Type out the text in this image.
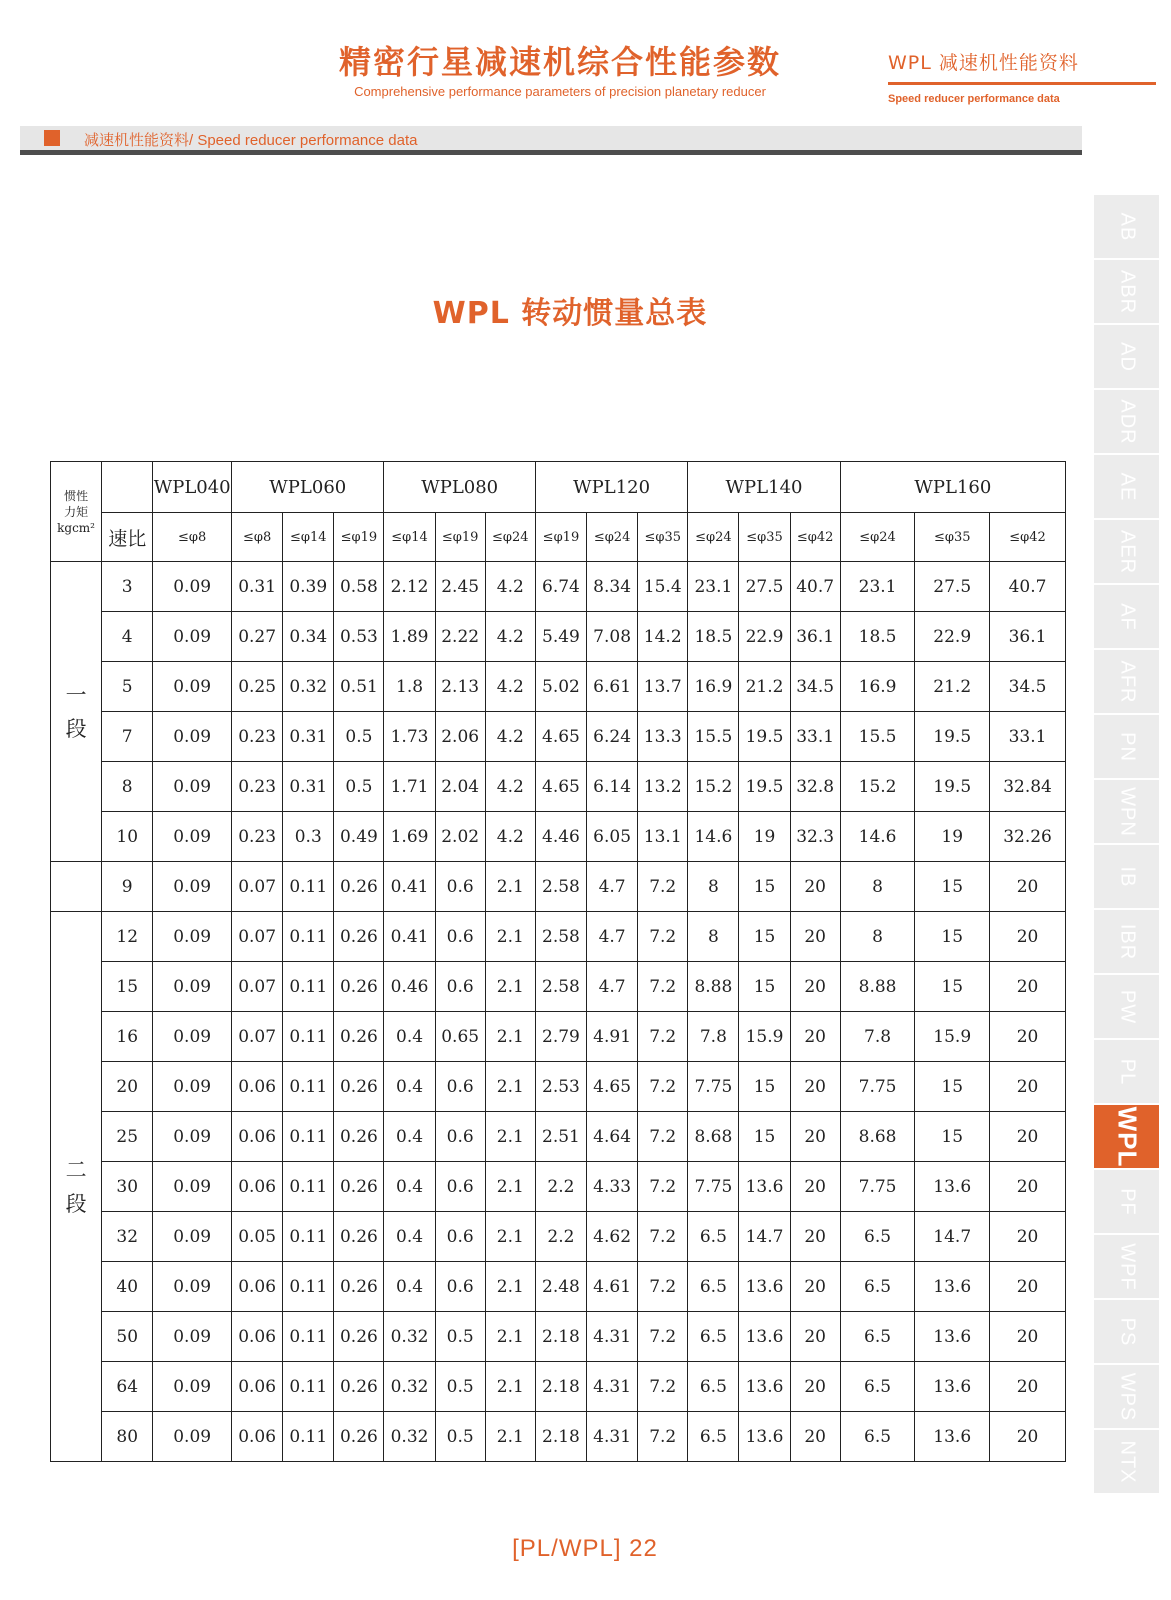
精密行星减速机综合性能参数
Comprehensive performance parameters of precision planetary reducer
WPL 减速机性能资料
Speed reducer performance data
减速机性能资料/ Speed reducer performance data
WPL 转动惯量总表
AB
ABR
AD
ADR
AE
AER
AF
AFR
PN
WPN
IB
IBR
PW
PL
WPL
PF
WPF
PS
WPS
NTX
惯性
力矩
kgcm²		WPL040	WPL060			WPL080			WPL120			WPL140			WPL160		
	速比	≤φ8	≤φ8	≤φ14	≤φ19	≤φ14	≤φ19	≤φ24	≤φ19	≤φ24	≤φ35	≤φ24	≤φ35	≤φ42	≤φ24	≤φ35	≤φ42

一
段	3	0.09	0.31	0.39	0.58	2.12	2.45	4.2	6.74	8.34	15.4	23.1	27.5	40.7	23.1	27.5	40.7
	4	0.09	0.27	0.34	0.53	1.89	2.22	4.2	5.49	7.08	14.2	18.5	22.9	36.1	18.5	22.9	36.1
	5	0.09	0.25	0.32	0.51	1.8	2.13	4.2	5.02	6.61	13.7	16.9	21.2	34.5	16.9	21.2	34.5
	7	0.09	0.23	0.31	0.5	1.73	2.06	4.2	4.65	6.24	13.3	15.5	19.5	33.1	15.5	19.5	33.1
	8	0.09	0.23	0.31	0.5	1.71	2.04	4.2	4.65	6.14	13.2	15.2	19.5	32.8	15.2	19.5	32.84
	10	0.09	0.23	0.3	0.49	1.69	2.02	4.2	4.46	6.05	13.1	14.6	19	32.3	14.6	19	32.26
	9	0.09	0.07	0.11	0.26	0.41	0.6	2.1	2.58	4.7	7.2	8	15	20	8	15	20

二
段	12	0.09	0.07	0.11	0.26	0.41	0.6	2.1	2.58	4.7	7.2	8	15	20	8	15	20
	15	0.09	0.07	0.11	0.26	0.46	0.6	2.1	2.58	4.7	7.2	8.88	15	20	8.88	15	20
	16	0.09	0.07	0.11	0.26	0.4	0.65	2.1	2.79	4.91	7.2	7.8	15.9	20	7.8	15.9	20
	20	0.09	0.06	0.11	0.26	0.4	0.6	2.1	2.53	4.65	7.2	7.75	15	20	7.75	15	20
	25	0.09	0.06	0.11	0.26	0.4	0.6	2.1	2.51	4.64	7.2	8.68	15	20	8.68	15	20
	30	0.09	0.06	0.11	0.26	0.4	0.6	2.1	2.2	4.33	7.2	7.75	13.6	20	7.75	13.6	20
	32	0.09	0.05	0.11	0.26	0.4	0.6	2.1	2.2	4.62	7.2	6.5	14.7	20	6.5	14.7	20
	40	0.09	0.06	0.11	0.26	0.4	0.6	2.1	2.48	4.61	7.2	6.5	13.6	20	6.5	13.6	20
	50	0.09	0.06	0.11	0.26	0.32	0.5	2.1	2.18	4.31	7.2	6.5	13.6	20	6.5	13.6	20
	64	0.09	0.06	0.11	0.26	0.32	0.5	2.1	2.18	4.31	7.2	6.5	13.6	20	6.5	13.6	20
	80	0.09	0.06	0.11	0.26	0.32	0.5	2.1	2.18	4.31	7.2	6.5	13.6	20	6.5	13.6	20
[PL/WPL] 22
